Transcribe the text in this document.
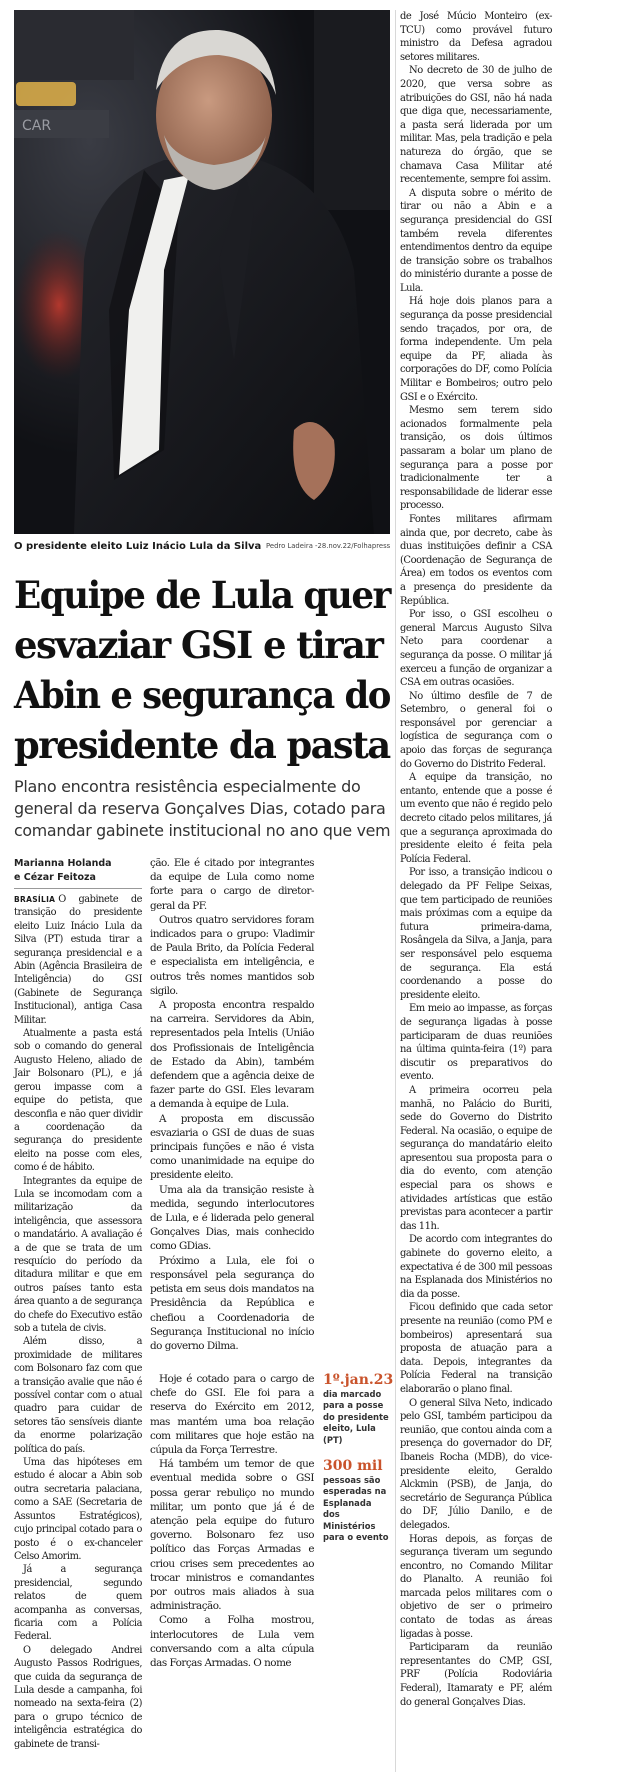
CAR
O presidente eleito Luiz Inácio Lula da Silva Pedro Ladeira -28.nov.22/Folhapress
Equipe de Lula quer
esvaziar GSI e tirar
Abin e segurança do
presidente da pasta
Plano encontra resistência especialmente do
general da reserva Gonçalves Dias, cotado para
comandar gabinete institucional no ano que vem
Marianna Holanda
e Cézar Feitoza

BRASÍLIA O gabinete de transição do presidente eleito Luiz Inácio Lula da Silva (PT) estuda tirar a segurança presidencial e a Abin (Agência Brasileira de Inteligência) do GSI (Gabinete de Segurança Institucional), antiga Casa Militar.

Atualmente a pasta está sob o comando do general Augusto Heleno, aliado de Jair Bolsonaro (PL), e já gerou impasse com a equipe do petista, que desconfia e não quer dividir a coordenação da segurança do presidente eleito na posse com eles, como é de hábito.

Integrantes da equipe de Lula se incomodam com a militarização da inteligência, que assessora o mandatário. A avaliação é a de que se trata de um resquício do período da ditadura militar e que em outros países tanto esta área quanto a de segurança do chefe do Executivo estão sob a tutela de civis.

Além disso, a proximidade de militares com Bolsonaro faz com que a transição avalie que não é possível contar com o atual quadro para cuidar de setores tão sensíveis diante da enorme polarização política do país.

Uma das hipóteses em estudo é alocar a Abin sob outra secretaria palaciana, como a SAE (Secretaria de Assuntos Estratégicos), cujo principal cotado para o posto é o ex-chanceler Celso Amorim.

Já a segurança presidencial, segundo relatos de quem acompanha as conversas, ficaria com a Polícia Federal.

O delegado Andrei Augusto Passos Rodrigues, que cuida da segurança de Lula desde a campanha, foi nomeado na sexta-feira (2) para o grupo técnico de inteligência estratégica do gabinete de transi-

ção. Ele é citado por integrantes da equipe de Lula como nome forte para o cargo de diretor-geral da PF.

Outros quatro servidores foram indicados para o grupo: Vladimir de Paula Brito, da Polícia Federal e especialista em inteligência, e outros três nomes mantidos sob sigilo.

A proposta encontra respaldo na carreira. Servidores da Abin, representados pela Intelis (União dos Profissionais de Inteligência de Estado da Abin), também defendem que a agência deixe de fazer parte do GSI. Eles levaram a demanda à equipe de Lula.

A proposta em discussão esvaziaria o GSI de duas de suas principais funções e não é vista como unanimidade na equipe do presidente eleito.

Uma ala da transição resiste à medida, segundo interlocutores de Lula, e é liderada pelo general Gonçalves Dias, mais conhecido como GDias.

Próximo a Lula, ele foi o responsável pela segurança do petista em seus dois mandatos na Presidência da República e chefiou a Coordenadoria de Segurança Institucional no início do governo Dilma.

Hoje é cotado para o cargo de chefe do GSI. Ele foi para a reserva do Exército em 2012, mas mantém uma boa relação com militares que hoje estão na cúpula da Força Terrestre.

Há também um temor de que eventual medida sobre o GSI possa gerar rebuliço no mundo militar, um ponto que já é de atenção pela equipe do futuro governo. Bolsonaro fez uso político das Forças Armadas e criou crises sem precedentes ao trocar ministros e comandantes por outros mais aliados à sua administração.

Como a Folha mostrou, interlocutores de Lula vem conversando com a alta cúpula das Forças Armadas. O nome

1º.jan.23
dia marcado para a posse do presidente eleito, Lula (PT)
300 mil
pessoas são esperadas na Esplanada dos Ministérios para o evento

de José Múcio Monteiro (ex-TCU) como provável futuro ministro da Defesa agradou setores militares.

No decreto de 30 de julho de 2020, que versa sobre as atribuições do GSI, não há nada que diga que, necessariamente, a pasta será liderada por um militar. Mas, pela tradição e pela natureza do órgão, que se chamava Casa Militar até recentemente, sempre foi assim.

A disputa sobre o mérito de tirar ou não a Abin e a segurança presidencial do GSI também revela diferentes entendimentos dentro da equipe de transição sobre os trabalhos do ministério durante a posse de Lula.

Há hoje dois planos para a segurança da posse presidencial sendo traçados, por ora, de forma independente. Um pela equipe da PF, aliada às corporações do DF, como Polícia Militar e Bombeiros; outro pelo GSI e o Exército.

Mesmo sem terem sido acionados formalmente pela transição, os dois últimos passaram a bolar um plano de segurança para a posse por tradicionalmente ter a responsabilidade de liderar esse processo.

Fontes militares afirmam ainda que, por decreto, cabe às duas instituições definir a CSA (Coordenação de Segurança de Área) em todos os eventos com a presença do presidente da República.

Por isso, o GSI escolheu o general Marcus Augusto Silva Neto para coordenar a segurança da posse. O militar já exerceu a função de organizar a CSA em outras ocasiões.

No último desfile de 7 de Setembro, o general foi o responsável por gerenciar a logística de segurança com o apoio das forças de segurança do Governo do Distrito Federal.

A equipe da transição, no entanto, entende que a posse é um evento que não é regido pelo decreto citado pelos militares, já que a segurança aproximada do presidente eleito é feita pela Polícia Federal.

Por isso, a transição indicou o delegado da PF Felipe Seixas, que tem participado de reuniões mais próximas com a equipe da futura primeira-dama, Rosângela da Silva, a Janja, para ser responsável pelo esquema de segurança. Ela está coordenando a posse do presidente eleito.

Em meio ao impasse, as forças de segurança ligadas à posse participaram de duas reuniões na última quinta-feira (1º) para discutir os preparativos do evento.

A primeira ocorreu pela manhã, no Palácio do Buriti, sede do Governo do Distrito Federal. Na ocasião, o equipe de segurança do mandatário eleito apresentou sua proposta para o dia do evento, com atenção especial para os shows e atividades artísticas que estão previstas para acontecer a partir das 11h.

De acordo com integrantes do gabinete do governo eleito, a expectativa é de 300 mil pessoas na Esplanada dos Ministérios no dia da posse.

Ficou definido que cada setor presente na reunião (como PM e bombeiros) apresentará sua proposta de atuação para a data. Depois, integrantes da Polícia Federal na transição elaborarão o plano final.

O general Silva Neto, indicado pelo GSI, também participou da reunião, que contou ainda com a presença do governador do DF, Ibaneis Rocha (MDB), do vice-presidente eleito, Geraldo Alckmin (PSB), de Janja, do secretário de Segurança Pública do DF, Júlio Danilo, e de delegados.

Horas depois, as forças de segurança tiveram um segundo encontro, no Comando Militar do Planalto. A reunião foi marcada pelos militares com o objetivo de ser o primeiro contato de todas as áreas ligadas à posse.

Participaram da reunião representantes do CMP, GSI, PRF (Polícia Rodoviária Federal), Itamaraty e PF, além do general Gonçalves Dias.
